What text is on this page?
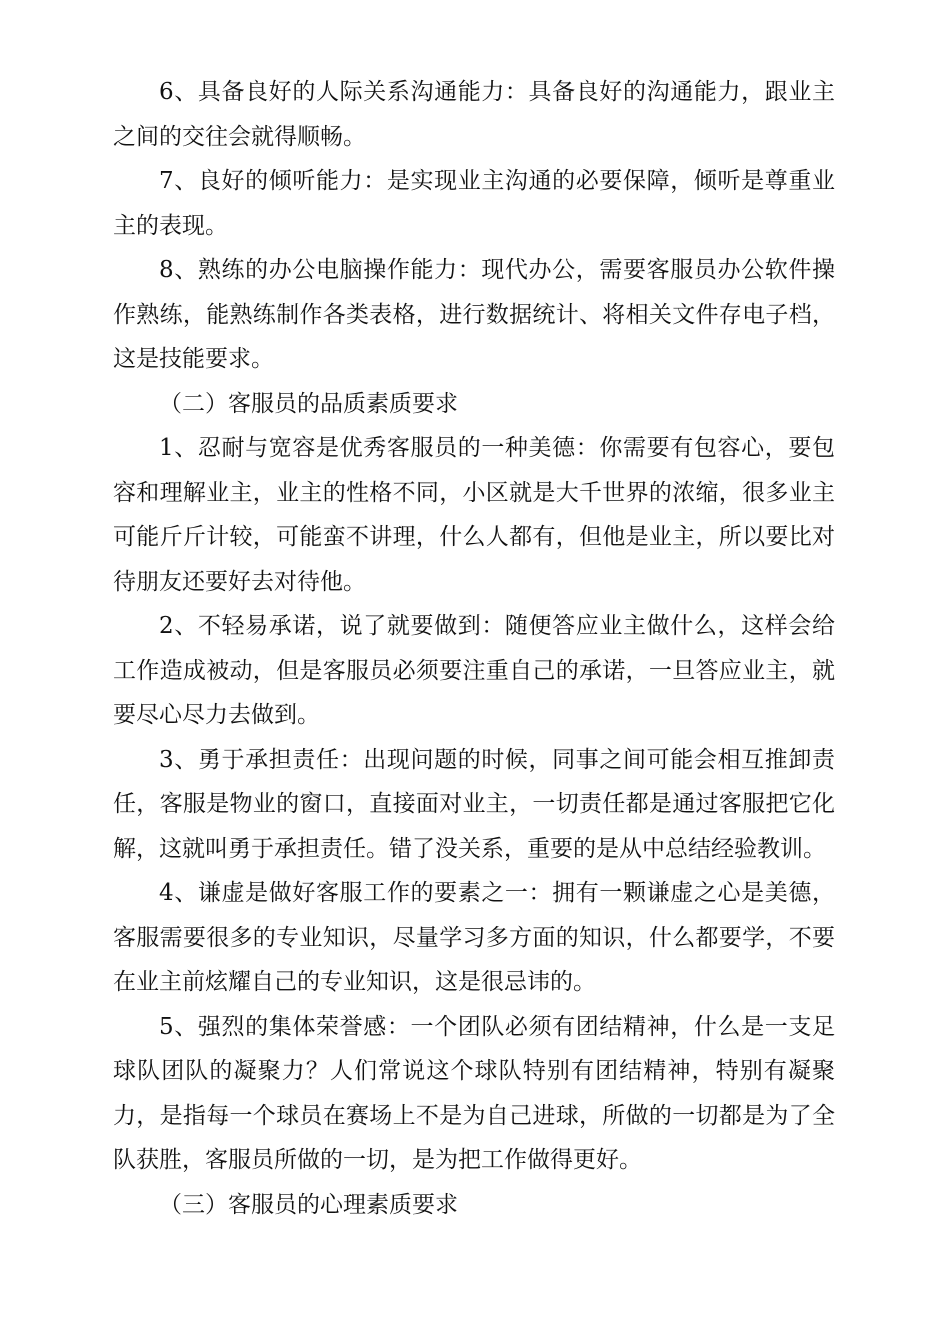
6、具备良好的人际关系沟通能力：具备良好的沟通能力，跟业主之间的交往会就得顺畅。

7、良好的倾听能力：是实现业主沟通的必要保障，倾听是尊重业主的表现。

8、熟练的办公电脑操作能力：现代办公，需要客服员办公软件操作熟练，能熟练制作各类表格，进行数据统计、将相关文件存电子档，这是技能要求。

（二）客服员的品质素质要求

1、忍耐与宽容是优秀客服员的一种美德：你需要有包容心，要包容和理解业主，业主的性格不同，小区就是大千世界的浓缩，很多业主可能斤斤计较，可能蛮不讲理，什么人都有，但他是业主，所以要比对待朋友还要好去对待他。

2、不轻易承诺，说了就要做到：随便答应业主做什么，这样会给工作造成被动，但是客服员必须要注重自己的承诺，一旦答应业主，就要尽心尽力去做到。

3、勇于承担责任：出现问题的时候，同事之间可能会相互推卸责任，客服是物业的窗口，直接面对业主，一切责任都是通过客服把它化解，这就叫勇于承担责任。错了没关系，重要的是从中总结经验教训。

4、谦虚是做好客服工作的要素之一：拥有一颗谦虚之心是美德，客服需要很多的专业知识，尽量学习多方面的知识，什么都要学，不要在业主前炫耀自己的专业知识，这是很忌讳的。

5、强烈的集体荣誉感：一个团队必须有团结精神，什么是一支足球队团队的凝聚力？人们常说这个球队特别有团结精神，特别有凝聚力，是指每一个球员在赛场上不是为自己进球，所做的一切都是为了全队获胜，客服员所做的一切，是为把工作做得更好。

（三）客服员的心理素质要求
